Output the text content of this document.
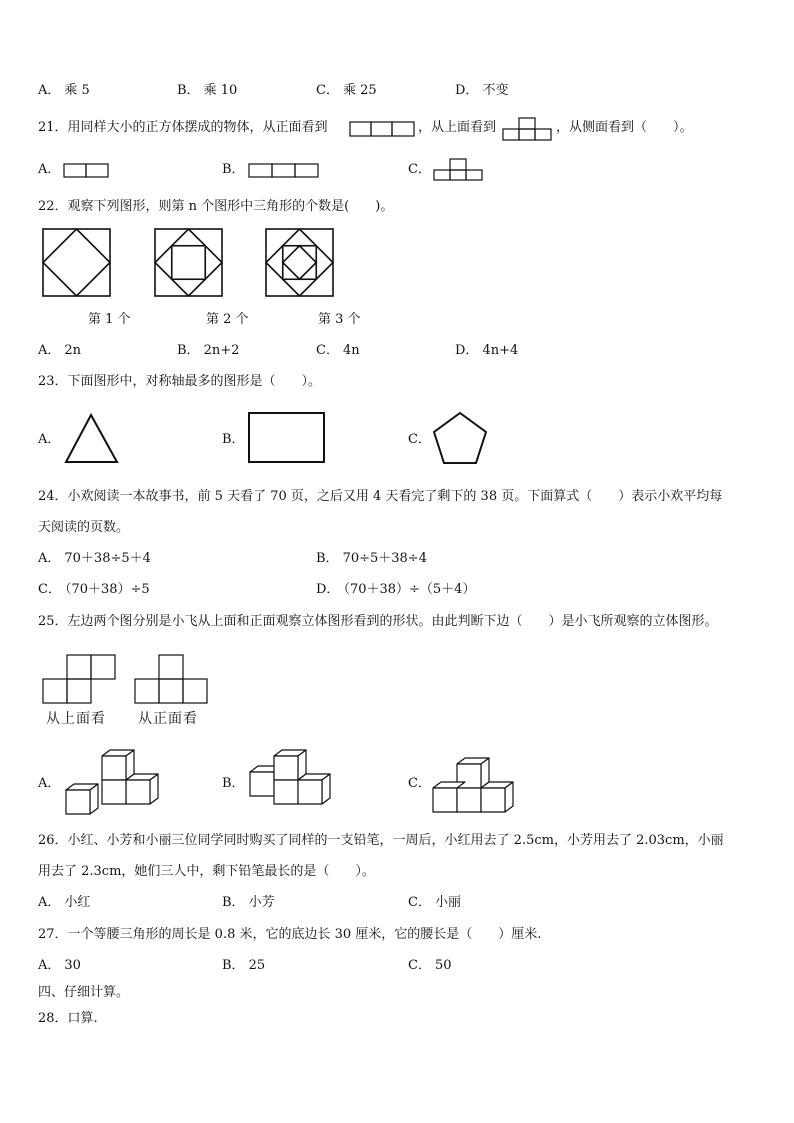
A． 乘 5	B． 乘 10	C． 乘 25	D． 不变
21．用同样大小的正方体摆成的物体，从正面看到	，从上面看到	，从侧面看到（　　）。
A．	B．	C．
22．观察下列图形，则第 n 个图形中三角形的个数是(　　)。
第 1 个	第 2 个	第 3 个
A． 2n	B． 2n+2	C． 4n	D． 4n+4
23．下面图形中，对称轴最多的图形是（　　）。
A．	B．	C．
24．小欢阅读一本故事书，前 5 天看了 70 页，之后又用 4 天看完了剩下的 38 页。下面算式（　　）表示小欢平均每
天阅读的页数。
A． 70＋38÷5＋4	B． 70÷5＋38÷4
C． （70＋38）÷5	D． （70＋38）÷（5＋4）
25．左边两个图分别是小飞从上面和正面观察立体图形看到的形状。由此判断下边（　　）是小飞所观察的立体图形。
从上面看 从正面看
A．	B．	C．
26．小红、小芳和小丽三位同学同时购买了同样的一支铅笔，一周后，小红用去了 2.5cm，小芳用去了 2.03cm，小丽
用去了 2.3cm，她们三人中，剩下铅笔最长的是（　　）。
A． 小红	B． 小芳	C． 小丽
27．一个等腰三角形的周长是 0.8 米，它的底边长 30 厘米，它的腰长是（　　）厘米.
A． 30	B． 25	C． 50
四、仔细计算。
28．口算.
